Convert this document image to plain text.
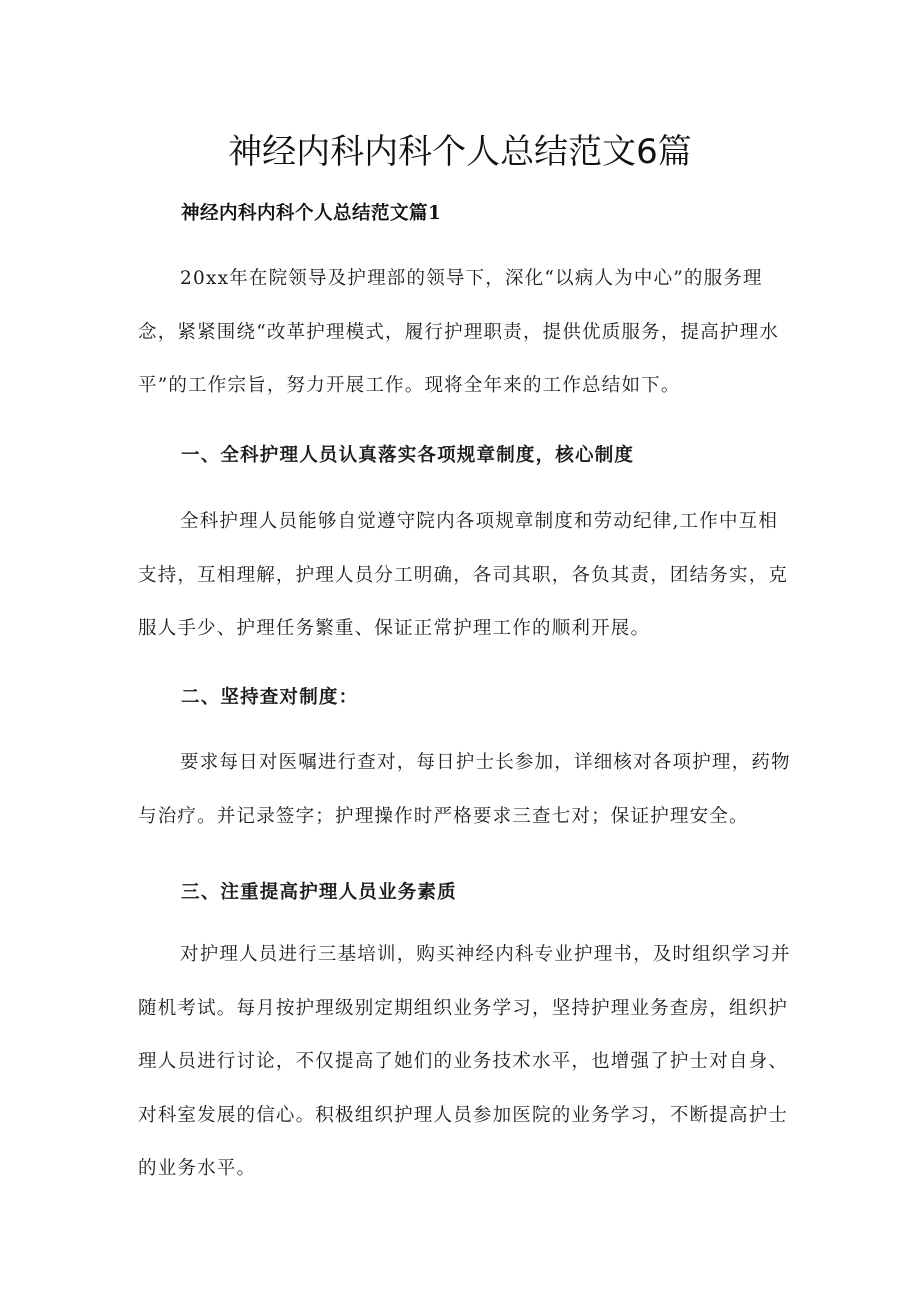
神经内科内科个人总结范文6篇
神经内科内科个人总结范文篇1

20xx年在院领导及护理部的领导下，深化“以病人为中心”的服务理
念，紧紧围绕“改革护理模式，履行护理职责，提供优质服务，提高护理水
平”的工作宗旨，努力开展工作。现将全年来的工作总结如下。

一、全科护理人员认真落实各项规章制度，核心制度

全科护理人员能够自觉遵守院内各项规章制度和劳动纪律,工作中互相
支持，互相理解，护理人员分工明确，各司其职，各负其责，团结务实，克
服人手少、护理任务繁重、保证正常护理工作的顺利开展。

二、坚持查对制度：

要求每日对医嘱进行查对，每日护士长参加，详细核对各项护理，药物
与治疗。并记录签字；护理操作时严格要求三查七对；保证护理安全。

三、注重提高护理人员业务素质

对护理人员进行三基培训，购买神经内科专业护理书，及时组织学习并
随机考试。每月按护理级别定期组织业务学习，坚持护理业务查房，组织护
理人员进行讨论，不仅提高了她们的业务技术水平，也增强了护士对自身、
对科室发展的信心。积极组织护理人员参加医院的业务学习，不断提高护士
的业务水平。
